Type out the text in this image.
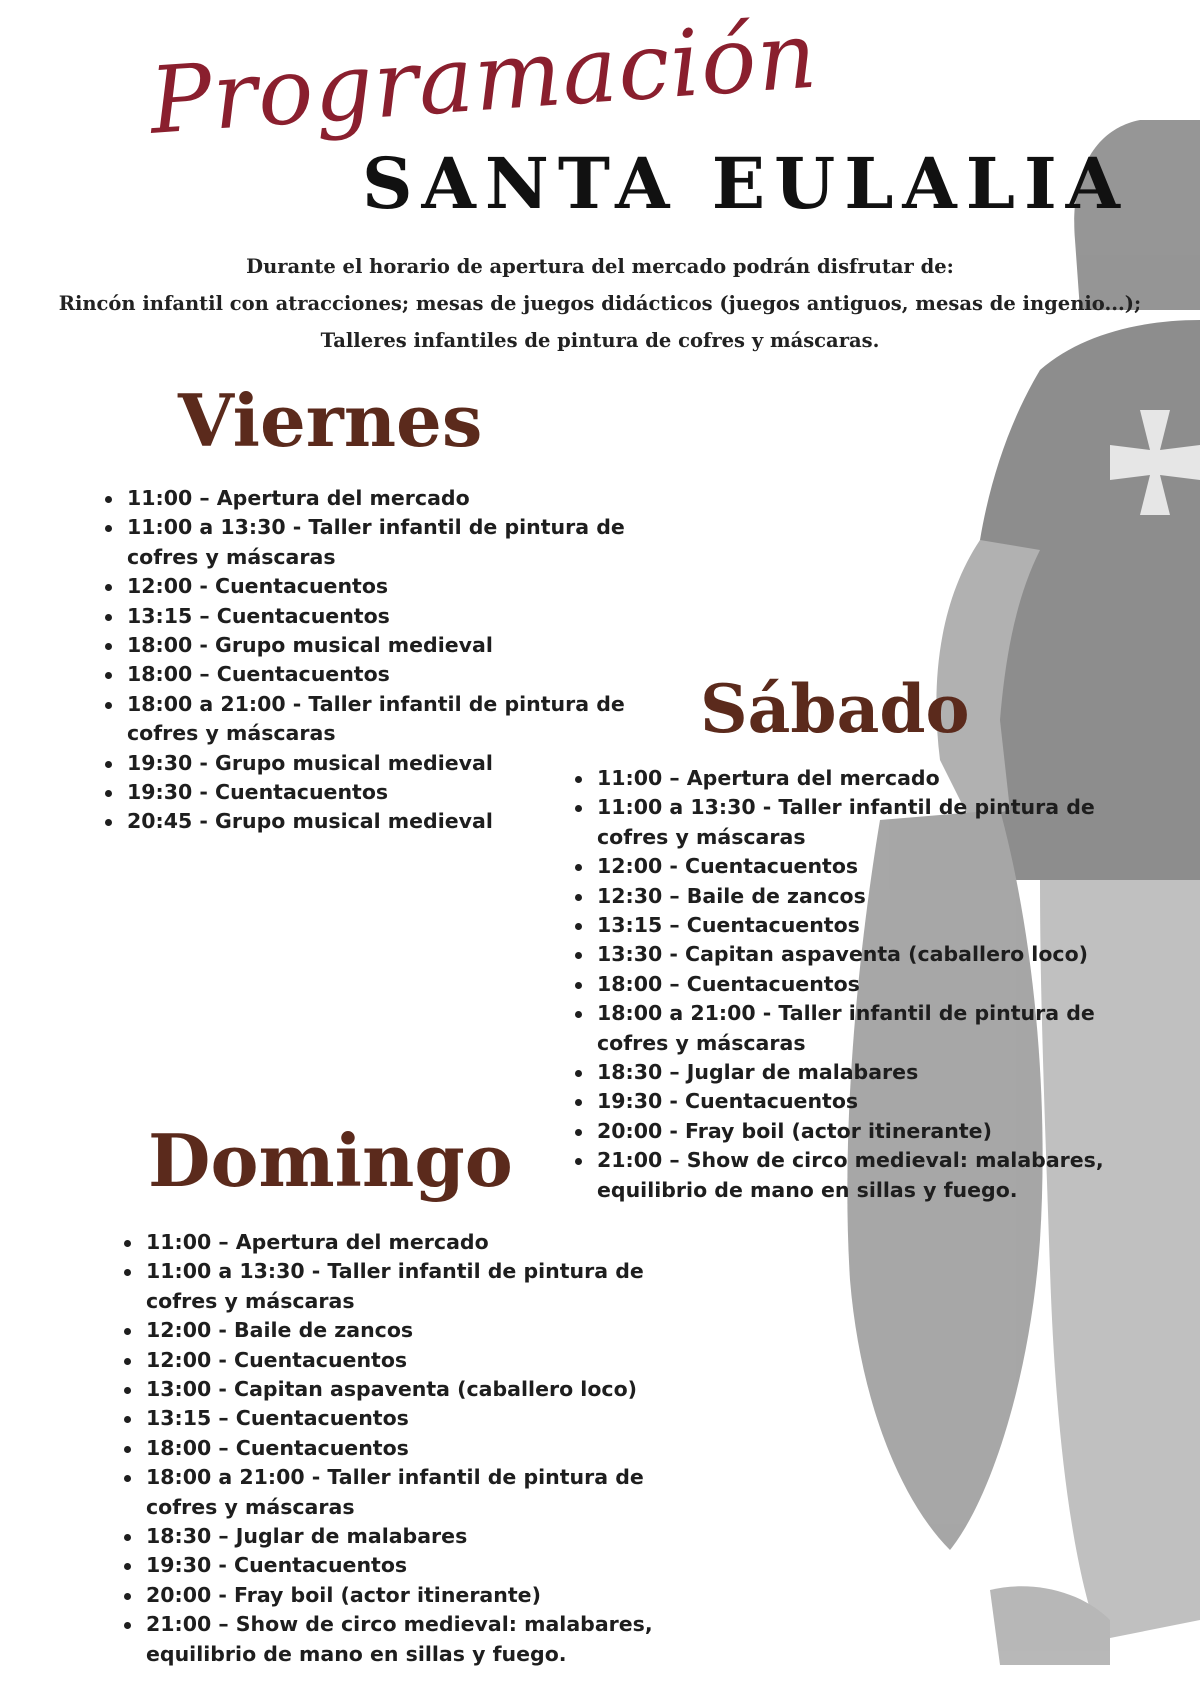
Programación
SANTA EULALIA
Durante el horario de apertura del mercado podrán disfrutar de:
Rincón infantil con atracciones; mesas de juegos didácticos (juegos antiguos, mesas de ingenio...);
Talleres infantiles de pintura de cofres y máscaras.
Viernes
11:00 – Apertura del mercado
11:00 a 13:30 - Taller infantil de pintura de cofres y máscaras
12:00 - Cuentacuentos
13:15 – Cuentacuentos
18:00 - Grupo musical medieval
18:00 – Cuentacuentos
18:00 a 21:00 - Taller infantil de pintura de cofres y máscaras
19:30 - Grupo musical medieval
19:30 - Cuentacuentos
20:45 - Grupo musical medieval
Sábado
11:00 – Apertura del mercado
11:00 a 13:30 - Taller infantil de pintura de cofres y máscaras
12:00 - Cuentacuentos
12:30 – Baile de zancos
13:15 – Cuentacuentos
13:30 - Capitan aspaventa (caballero loco)
18:00 – Cuentacuentos
18:00 a 21:00 - Taller infantil de pintura de cofres y máscaras
18:30 – Juglar de malabares
19:30 - Cuentacuentos
20:00 - Fray boil (actor itinerante)
21:00 – Show de circo medieval: malabares, equilibrio de mano en sillas y fuego.
Domingo
11:00 – Apertura del mercado
11:00 a 13:30 - Taller infantil de pintura de cofres y máscaras
12:00 - Baile de zancos
12:00 - Cuentacuentos
13:00 - Capitan aspaventa (caballero loco)
13:15 – Cuentacuentos
18:00 – Cuentacuentos
18:00 a 21:00 - Taller infantil de pintura de cofres y máscaras
18:30 – Juglar de malabares
19:30 - Cuentacuentos
20:00 - Fray boil (actor itinerante)
21:00 – Show de circo medieval: malabares, equilibrio de mano en sillas y fuego.
